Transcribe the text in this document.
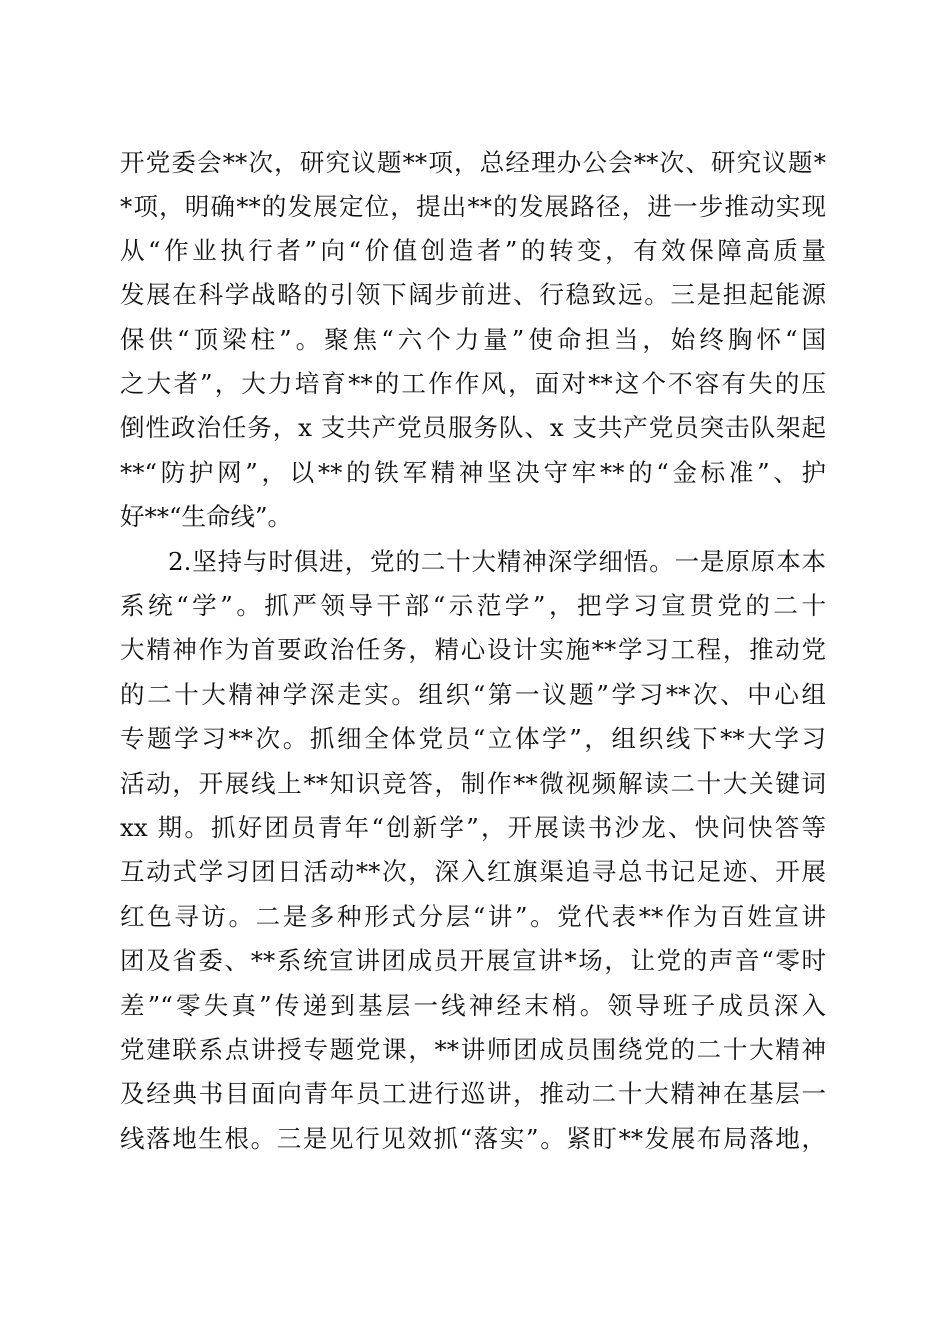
开党委会**次，研究议题**项，总经理办公会**次、研究议题*
*项，明确**的发展定位，提出**的发展路径，进一步推动实现
从“作业执行者”向“价值创造者”的转变，有效保障高质量
发展在科学战略的引领下阔步前进、行稳致远。三是担起能源
保供“顶梁柱”。聚焦“六个力量”使命担当，始终胸怀“国
之大者”，大力培育**的工作作风，面对**这个不容有失的压
倒性政治任务，x 支共产党员服务队、x 支共产党员突击队架起
**“防护网”，以**的铁军精神坚决守牢**的“金标准”、护
好**“生命线”。
2.坚持与时俱进，党的二十大精神深学细悟。一是原原本本
系统“学”。抓严领导干部“示范学”，把学习宣贯党的二十
大精神作为首要政治任务，精心设计实施**学习工程，推动党
的二十大精神学深走实。组织“第一议题”学习**次、中心组
专题学习**次。抓细全体党员“立体学”，组织线下**大学习
活动，开展线上**知识竞答，制作**微视频解读二十大关键词
xx 期。抓好团员青年“创新学”，开展读书沙龙、快问快答等
互动式学习团日活动**次，深入红旗渠追寻总书记足迹、开展
红色寻访。二是多种形式分层“讲”。党代表**作为百姓宣讲
团及省委、**系统宣讲团成员开展宣讲*场，让党的声音“零时
差”“零失真”传递到基层一线神经末梢。领导班子成员深入
党建联系点讲授专题党课，**讲师团成员围绕党的二十大精神
及经典书目面向青年员工进行巡讲，推动二十大精神在基层一
线落地生根。三是见行见效抓“落实”。紧盯**发展布局落地，
